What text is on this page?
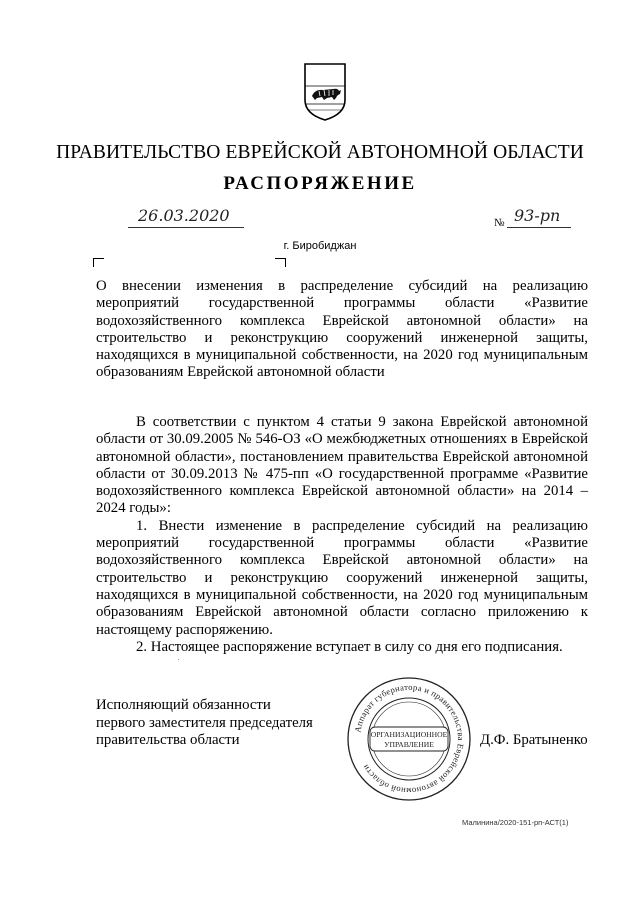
ПРАВИТЕЛЬСТВО ЕВРЕЙСКОЙ АВТОНОМНОЙ ОБЛАСТИ
РАСПОРЯЖЕНИЕ
26.03.2020	№ 93-рп
г. Биробиджан
О внесении изменения в распределение субсидий на реализацию мероприятий государственной программы области «Развитие водохозяйственного комплекса Еврейской автономной области» на строительство и реконструкцию сооружений инженерной защиты, находящихся в муниципальной собственности, на 2020 год муниципальным образованиям Еврейской автономной области

В соответствии с пунктом 4 статьи 9 закона Еврейской автономной области от 30.09.2005 № 546-ОЗ «О межбюджетных отношениях в Еврейской автономной области», постановлением правительства Еврейской автономной области от 30.09.2013 № 475-пп «О государственной программе «Развитие водохозяйственного комплекса Еврейской автономной области» на 2014 – 2024 годы»:

1. Внести изменение в распределение субсидий на реализацию мероприятий государственной программы области «Развитие водохозяйственного комплекса Еврейской автономной области» на строительство и реконструкцию сооружений инженерной защиты, находящихся в муниципальной собственности, на 2020 год муниципальным образованиям Еврейской автономной области согласно приложению к настоящему распоряжению.

2. Настоящее распоряжение вступает в силу со дня его подписания.

Исполняющий обязанности
первого заместителя председателя
правительства области	Д.Ф. Братыненко
Аппарат губернатора и правительства Еврейской автономной области
ОРГАНИЗАЦИОННОЕ
УПРАВЛЕНИЕ
Малинина/2020-151-рп-АСТ(1)
